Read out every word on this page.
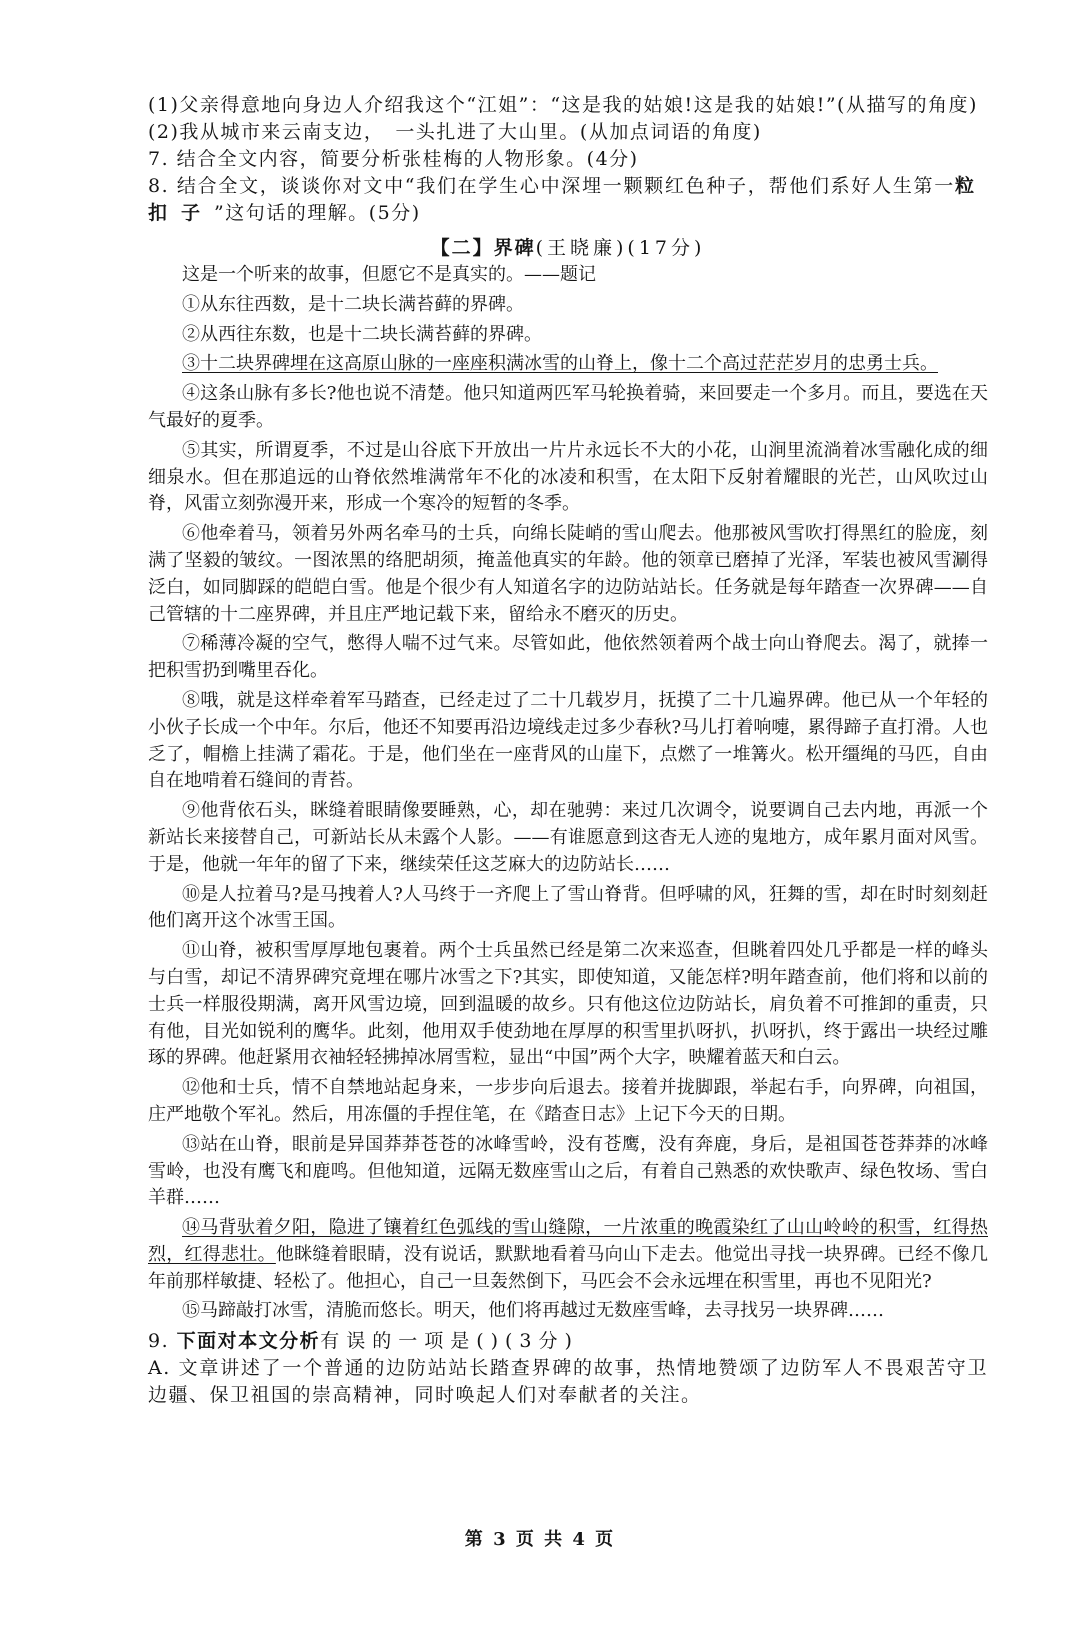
(1)父亲得意地向身边人介绍我这个“江姐”：“这是我的姑娘!这是我的姑娘!”(从描写的角度)

(2)我从城市来云南支边，　一头扎进了大山里。(从加点词语的角度)

7. 结合全文内容，简要分析张桂梅的人物形象。(4分)

8. 结合全文，谈谈你对文中“我们在学生心中深埋一颗颗红色种子，帮他们系好人生第一粒扣子”这句话的理解。(5分)

【二】界碑(王晓廉)(17分)

这是一个听来的故事，但愿它不是真实的。——题记

①从东往西数，是十二块长满苔藓的界碑。

②从西往东数，也是十二块长满苔藓的界碑。

③十二块界碑埋在这高原山脉的一座座积满冰雪的山脊上，像十二个高过茫茫岁月的忠勇士兵。

④这条山脉有多长?他也说不清楚。他只知道两匹军马轮换着骑，来回要走一个多月。而且，要选在天气最好的夏季。

⑤其实，所谓夏季，不过是山谷底下开放出一片片永远长不大的小花，山涧里流淌着冰雪融化成的细细泉水。但在那追远的山脊依然堆满常年不化的冰凌和积雪，在太阳下反射着耀眼的光芒，山风吹过山脊，风雷立刻弥漫开来，形成一个寒冷的短暂的冬季。

⑥他牵着马，领着另外两名牵马的士兵，向绵长陡峭的雪山爬去。他那被风雪吹打得黑红的脸庞，刻满了坚毅的皱纹。一图浓黑的络肥胡须，掩盖他真实的年龄。他的领章已磨掉了光泽，军装也被风雪涮得泛白，如同脚踩的皑皑白雪。他是个很少有人知道名字的边防站站长。任务就是每年踏查一次界碑——自己管辖的十二座界碑，并且庄严地记载下来，留给永不磨灭的历史。

⑦稀薄冷凝的空气，憋得人喘不过气来。尽管如此，他依然领着两个战士向山脊爬去。渴了，就捧一把积雪扔到嘴里吞化。

⑧哦，就是这样牵着军马踏查，已经走过了二十几载岁月，抚摸了二十几遍界碑。他已从一个年轻的小伙子长成一个中年。尔后，他还不知要再沿边境线走过多少春秋?马儿打着响嚏，累得蹄子直打滑。人也乏了，帽檐上挂满了霜花。于是，他们坐在一座背风的山崖下，点燃了一堆篝火。松开缰绳的马匹，自由自在地啃着石缝间的青苔。

⑨他背依石头，眯缝着眼睛像要睡熟，心，却在驰骋：来过几次调令，说要调自己去内地，再派一个新站长来接替自己，可新站长从未露个人影。——有谁愿意到这杳无人迹的鬼地方，成年累月面对风雪。于是，他就一年年的留了下来，继续荣任这芝麻大的边防站长……

⑩是人拉着马?是马拽着人?人马终于一齐爬上了雪山脊背。但呼啸的风，狂舞的雪，却在时时刻刻赶他们离开这个冰雪王国。

⑪山脊，被积雪厚厚地包裹着。两个士兵虽然已经是第二次来巡查，但眺着四处几乎都是一样的峰头与白雪，却记不清界碑究竟埋在哪片冰雪之下?其实，即使知道，又能怎样?明年踏查前，他们将和以前的士兵一样服役期满，离开风雪边境，回到温暖的故乡。只有他这位边防站长，肩负着不可推卸的重责，只有他，目光如锐利的鹰华。此刻，他用双手使劲地在厚厚的积雪里扒呀扒，扒呀扒，终于露出一块经过雕琢的界碑。他赶紧用衣袖轻轻拂掉冰屑雪粒，显出“中国”两个大字，映耀着蓝天和白云。

⑫他和士兵，情不自禁地站起身来，一步步向后退去。接着并拢脚跟，举起右手，向界碑，向祖国，庄严地敬个军礼。然后，用冻僵的手捏住笔，在《踏查日志》上记下今天的日期。

⑬站在山脊，眼前是异国莽莽苍苍的冰峰雪岭，没有苍鹰，没有奔鹿，身后，是祖国苍苍莽莽的冰峰雪岭，也没有鹰飞和鹿鸣。但他知道，远隔无数座雪山之后，有着自己熟悉的欢快歌声、绿色牧场、雪白羊群……

⑭马背驮着夕阳，隐进了镶着红色弧线的雪山缝隙，一片浓重的晚霞染红了山山岭岭的积雪，红得热烈，红得悲壮。他眯缝着眼睛，没有说话，默默地看着马向山下走去。他觉出寻找一块界碑。已经不像几年前那样敏捷、轻松了。他担心，自己一旦轰然倒下，马匹会不会永远埋在积雪里，再也不见阳光?

⑮马蹄敲打冰雪，清脆而悠长。明天，他们将再越过无数座雪峰，去寻找另一块界碑……

9. 下面对本文分析有误的一项是()(3分)

A. 文章讲述了一个普通的边防站站长踏查界碑的故事，热情地赞颂了边防军人不畏艰苦守卫边疆、保卫祖国的崇高精神，同时唤起人们对奉献者的关注。

第 3 页 共 4 页
